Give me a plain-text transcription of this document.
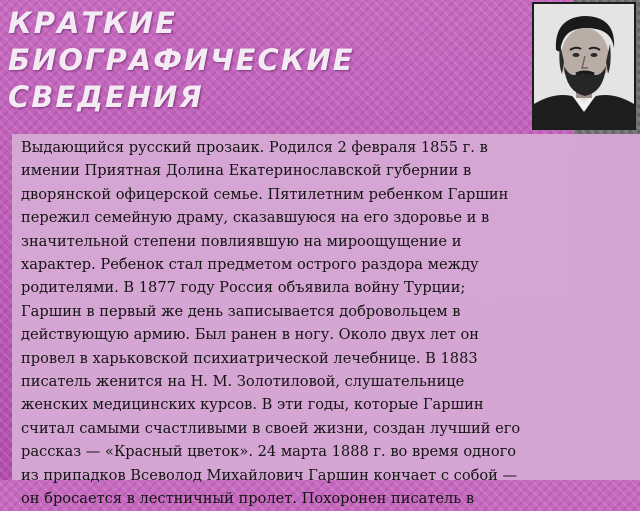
КРАТКИЕ
БИОГРАФИЧЕСКИЕ
СВЕДЕНИЯ
Выдающийся русский прозаик. Родился 2 февраля 1855 г. в
имении Приятная Долина Екатеринославской губернии в
дворянской офицерской семье. Пятилетним ребенком Гаршин
пережил семейную драму, сказавшуюся на его здоровье и в
значительной степени повлиявшую на мироощущение и
характер. Ребенок стал предметом острого раздора между
родителями. В 1877 году Россия объявила войну Турции;
Гаршин в первый же день записывается добровольцем в
действующую армию. Был ранен в ногу. Около двух лет он
провел в харьковской психиатрической лечебнице. В 1883
писатель женится на Н. М. Золотиловой, слушательнице
женских медицинских курсов. В эти годы, которые Гаршин
считал самыми счастливыми в своей жизни, создан лучший его
рассказ — «Красный цветок». 24 марта 1888 г. во время одного
из припадков Всеволод Михайлович Гаршин кончает с собой —
он бросается в лестничный пролет. Похоронен писатель в
